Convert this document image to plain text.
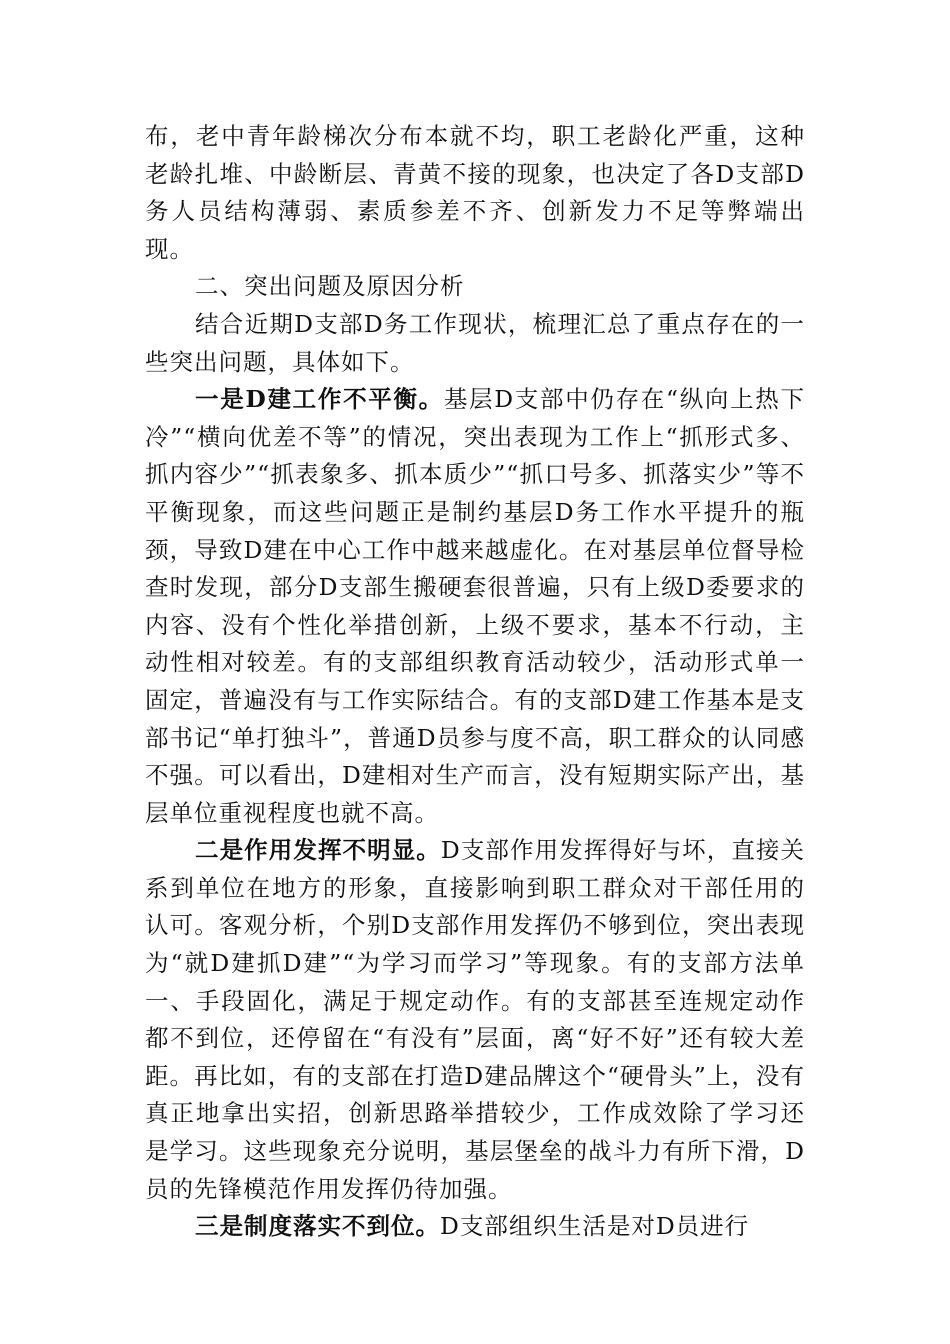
布，老中青年龄梯次分布本就不均，职工老龄化严重，这种老龄扎堆、中龄断层、青黄不接的现象，也决定了各D支部D务人员结构薄弱、素质参差不齐、创新发力不足等弊端出现。

二、突出问题及原因分析

结合近期D支部D务工作现状，梳理汇总了重点存在的一些突出问题，具体如下。

一是D建工作不平衡。基层D支部中仍存在“纵向上热下冷”“横向优差不等”的情况，突出表现为工作上“抓形式多、抓内容少”“抓表象多、抓本质少”“抓口号多、抓落实少”等不平衡现象，而这些问题正是制约基层D务工作水平提升的瓶颈，导致D建在中心工作中越来越虚化。在对基层单位督导检查时发现，部分D支部生搬硬套很普遍，只有上级D委要求的内容、没有个性化举措创新，上级不要求，基本不行动，主动性相对较差。有的支部组织教育活动较少，活动形式单一固定，普遍没有与工作实际结合。有的支部D建工作基本是支部书记“单打独斗”，普通D员参与度不高，职工群众的认同感不强。可以看出，D建相对生产而言，没有短期实际产出，基层单位重视程度也就不高。

二是作用发挥不明显。D支部作用发挥得好与坏，直接关系到单位在地方的形象，直接影响到职工群众对干部任用的认可。客观分析，个别D支部作用发挥仍不够到位，突出表现为“就D建抓D建”“为学习而学习”等现象。有的支部方法单一、手段固化，满足于规定动作。有的支部甚至连规定动作都不到位，还停留在“有没有”层面，离“好不好”还有较大差距。再比如，有的支部在打造D建品牌这个“硬骨头”上，没有真正地拿出实招，创新思路举措较少，工作成效除了学习还是学习。这些现象充分说明，基层堡垒的战斗力有所下滑，D员的先锋模范作用发挥仍待加强。

三是制度落实不到位。D支部组织生活是对D员进行
